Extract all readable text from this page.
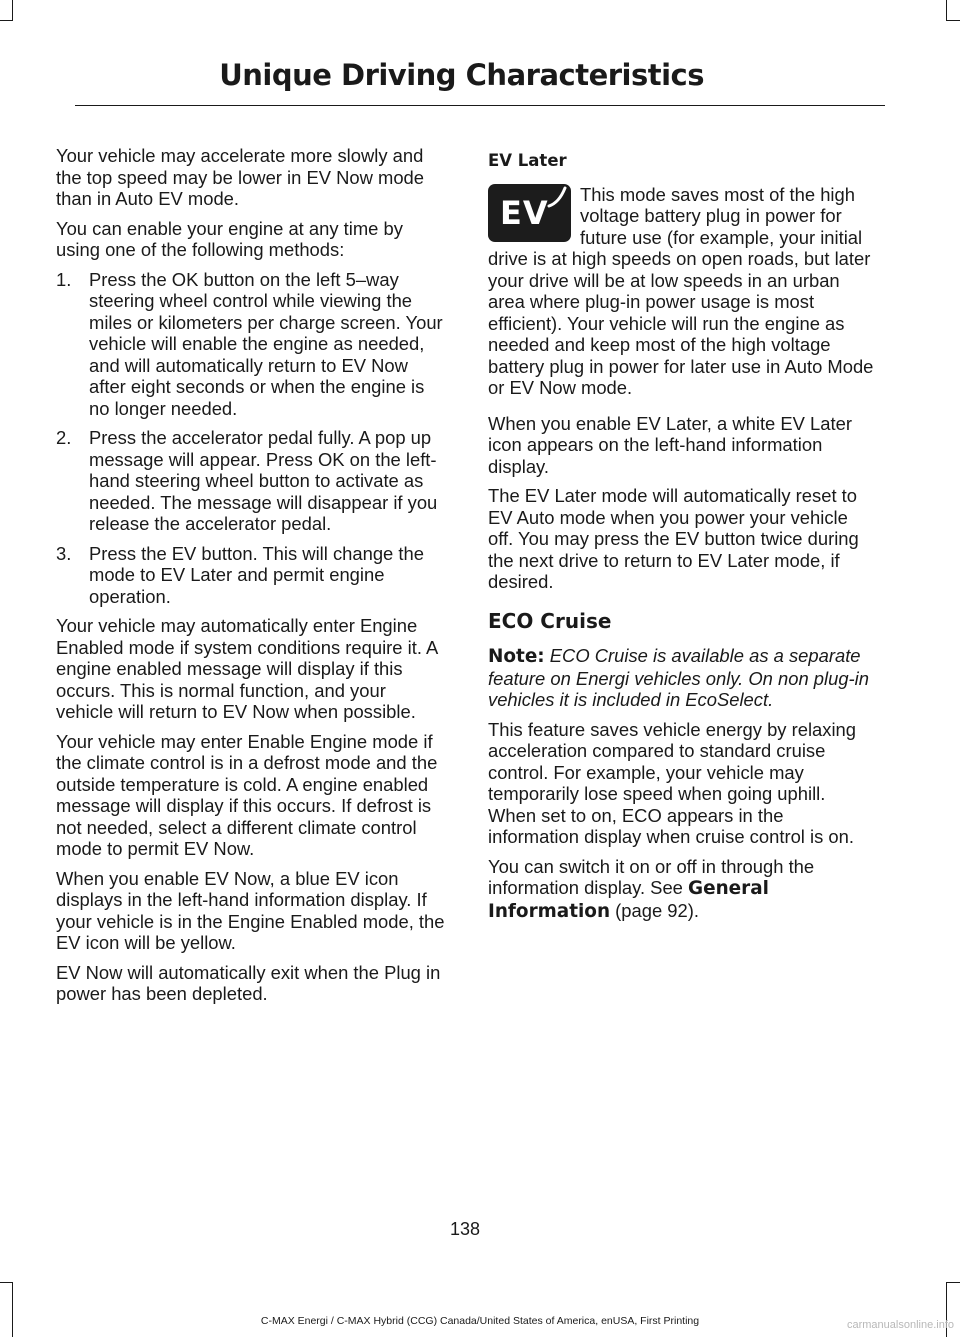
Unique Driving Characteristics

Your vehicle may accelerate more slowly and the top speed may be lower in EV Now mode than in Auto EV mode.

You can enable your engine at any time by using one of the following methods:

1. Press the OK button on the left 5–way steering wheel control while viewing the miles or kilometers per charge screen. Your vehicle will enable the engine as needed, and will automatically return to EV Now after eight seconds or when the engine is no longer needed.
2. Press the accelerator pedal fully. A pop up message will appear. Press OK on the left-hand steering wheel button to activate as needed. The message will disappear if you release the accelerator pedal.
3. Press the EV button. This will change the mode to EV Later and permit engine operation.

Your vehicle may automatically enter Engine Enabled mode if system conditions require it. A engine enabled message will display if this occurs. This is normal function, and your vehicle will return to EV Now when possible.

Your vehicle may enter Enable Engine mode if the climate control is in a defrost mode and the outside temperature is cold. A engine enabled message will display if this occurs. If defrost is not needed, select a different climate control mode to permit EV Now.

When you enable EV Now, a blue EV icon displays in the left-hand information display. If your vehicle is in the Engine Enabled mode, the EV icon will be yellow.

EV Now will automatically exit when the Plug in power has been depleted.

EV Later

EV This mode saves most of the high voltage battery plug in power for future use (for example, your initial drive is at high speeds on open roads, but later your drive will be at low speeds in an urban area where plug-in power usage is most efficient). Your vehicle will run the engine as needed and keep most of the high voltage battery plug in power for later use in Auto Mode or EV Now mode.

When you enable EV Later, a white EV Later icon appears on the left-hand information display.

The EV Later mode will automatically reset to EV Auto mode when you power your vehicle off. You may press the EV button twice during the next drive to return to EV Later mode, if desired.

ECO Cruise

Note: ECO Cruise is available as a separate feature on Energi vehicles only. On non plug-in vehicles it is included in EcoSelect.

This feature saves vehicle energy by relaxing acceleration compared to standard cruise control. For example, your vehicle may temporarily lose speed when going uphill. When set to on, ECO appears in the information display when cruise control is on.

You can switch it on or off in through the information display. See General Information (page 92).

138
C-MAX Energi / C-MAX Hybrid (CCG) Canada/United States of America, enUSA, First Printing	carmanualsonline.info
